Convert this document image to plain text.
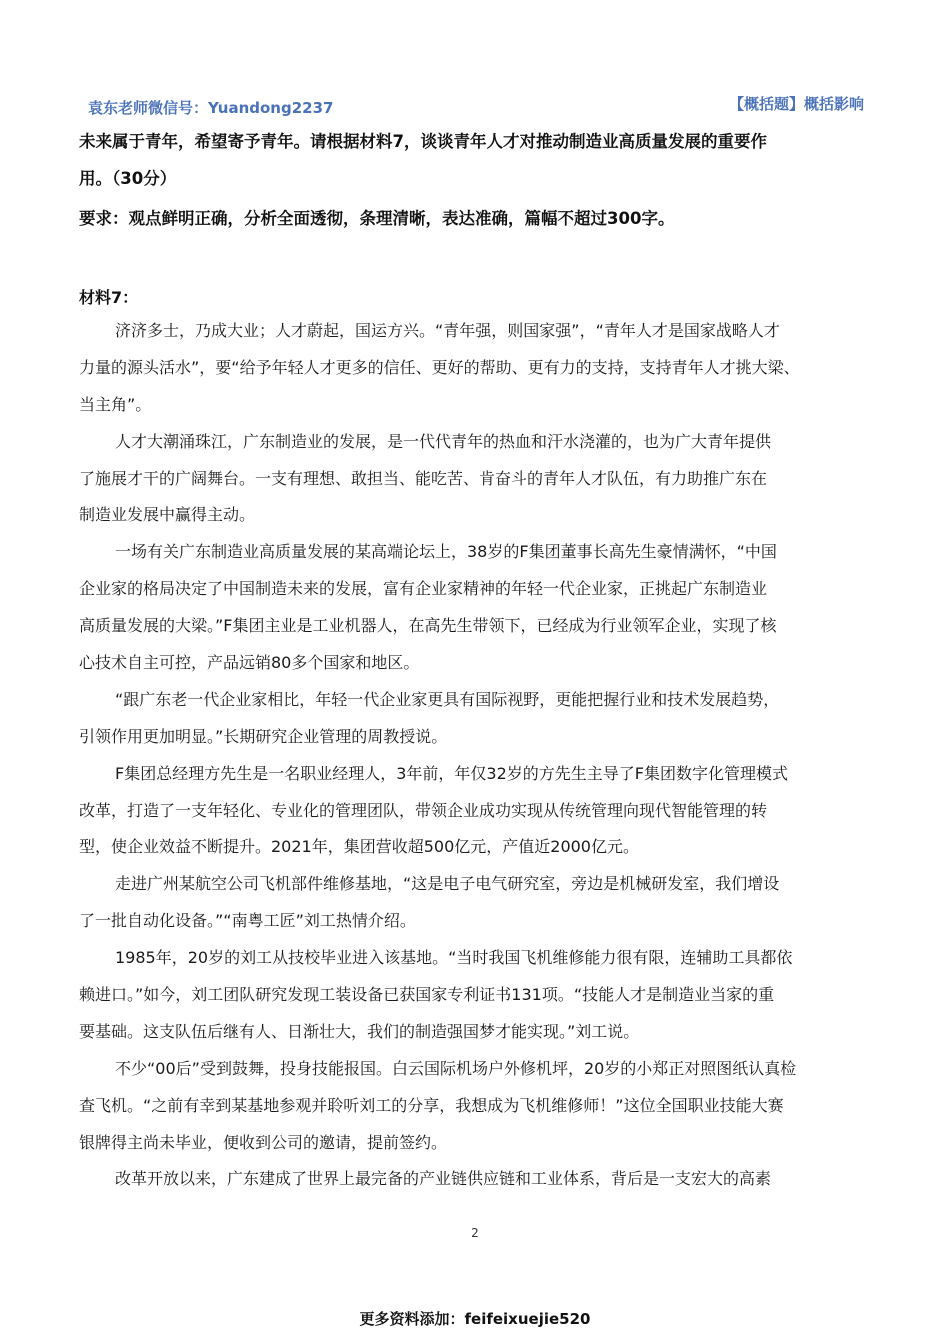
袁东老师微信号：Yuandong2237	【概括题】概括影响
未来属于青年，希望寄予青年。请根据材料7，谈谈青年人才对推动制造业高质量发展的重要作
用。（30分）
要求：观点鲜明正确，分析全面透彻，条理清晰，表达准确，篇幅不超过300字。
材料7：
济济多士，乃成大业；人才蔚起，国运方兴。“青年强，则国家强”，“青年人才是国家战略人才
力量的源头活水”，要“给予年轻人才更多的信任、更好的帮助、更有力的支持，支持青年人才挑大梁、
当主角”。
人才大潮涌珠江，广东制造业的发展，是一代代青年的热血和汗水浇灌的，也为广大青年提供
了施展才干的广阔舞台。一支有理想、敢担当、能吃苦、肯奋斗的青年人才队伍，有力助推广东在
制造业发展中赢得主动。
一场有关广东制造业高质量发展的某高端论坛上，38岁的F集团董事长高先生豪情满怀，“中国
企业家的格局决定了中国制造未来的发展，富有企业家精神的年轻一代企业家，正挑起广东制造业
高质量发展的大梁。”F集团主业是工业机器人，在高先生带领下，已经成为行业领军企业，实现了核
心技术自主可控，产品远销80多个国家和地区。
“跟广东老一代企业家相比，年轻一代企业家更具有国际视野，更能把握行业和技术发展趋势，
引领作用更加明显。”长期研究企业管理的周教授说。
F集团总经理方先生是一名职业经理人，3年前，年仅32岁的方先生主导了F集团数字化管理模式
改革，打造了一支年轻化、专业化的管理团队，带领企业成功实现从传统管理向现代智能管理的转
型，使企业效益不断提升。2021年，集团营收超500亿元，产值近2000亿元。
走进广州某航空公司飞机部件维修基地，“这是电子电气研究室，旁边是机械研发室，我们增设
了一批自动化设备。”“南粤工匠”刘工热情介绍。
1985年，20岁的刘工从技校毕业进入该基地。“当时我国飞机维修能力很有限，连辅助工具都依
赖进口。”如今，刘工团队研究发现工装设备已获国家专利证书131项。“技能人才是制造业当家的重
要基础。这支队伍后继有人、日渐壮大，我们的制造强国梦才能实现。”刘工说。
不少“00后”受到鼓舞，投身技能报国。白云国际机场户外修机坪，20岁的小郑正对照图纸认真检
查飞机。“之前有幸到某基地参观并聆听刘工的分享，我想成为飞机维修师！”这位全国职业技能大赛
银牌得主尚未毕业，便收到公司的邀请，提前签约。
改革开放以来，广东建成了世界上最完备的产业链供应链和工业体系，背后是一支宏大的高素
2
更多资料添加：feifeixuejie520
